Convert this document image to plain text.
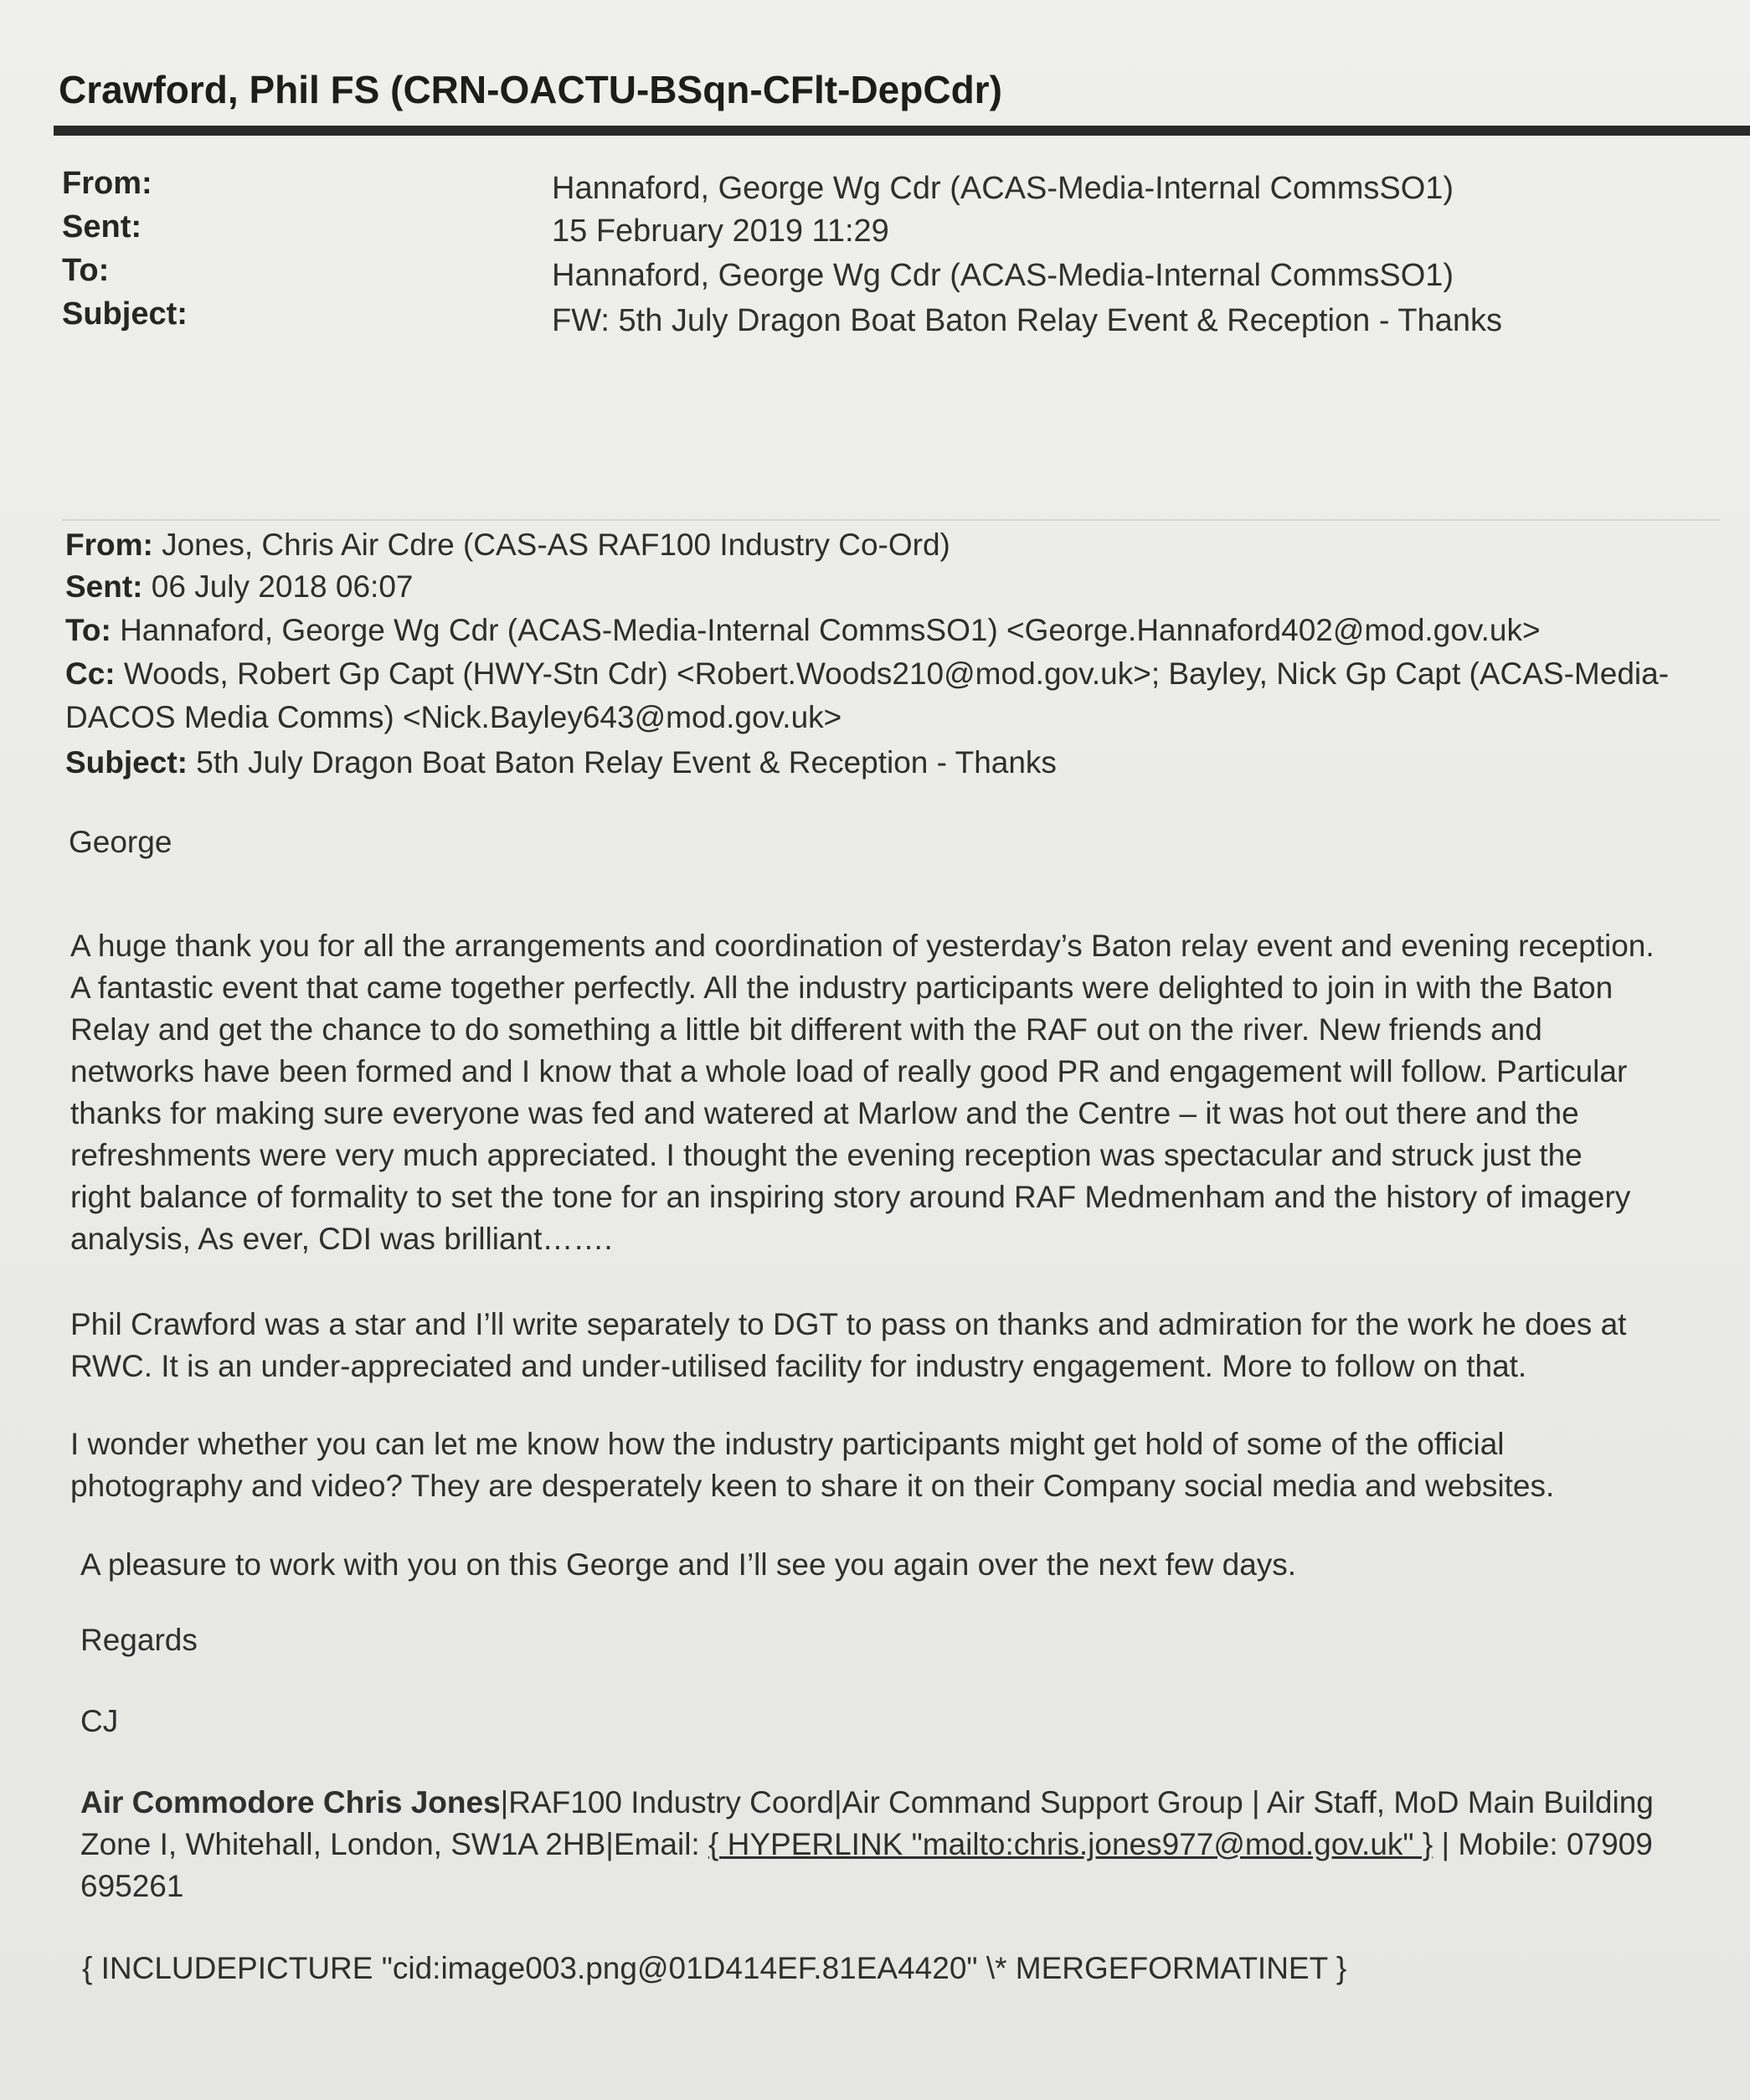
Crawford, Phil FS (CRN-OACTU-BSqn-CFlt-DepCdr)
From:	Hannaford, George Wg Cdr (ACAS-Media-Internal CommsSO1)
Sent:	15 February 2019 11:29
To:	Hannaford, George Wg Cdr (ACAS-Media-Internal CommsSO1)
Subject:	FW: 5th July Dragon Boat Baton Relay Event & Reception - Thanks
From: Jones, Chris Air Cdre (CAS-AS RAF100 Industry Co-Ord)
Sent: 06 July 2018 06:07
To: Hannaford, George Wg Cdr (ACAS-Media-Internal CommsSO1) <George.Hannaford402@mod.gov.uk>
Cc: Woods, Robert Gp Capt (HWY-Stn Cdr) <Robert.Woods210@mod.gov.uk>; Bayley, Nick Gp Capt (ACAS-Media-
DACOS Media Comms) <Nick.Bayley643@mod.gov.uk>
Subject: 5th July Dragon Boat Baton Relay Event & Reception - Thanks
George
A huge thank you for all the arrangements and coordination of yesterday’s Baton relay event and evening reception.
A fantastic event that came together perfectly. All the industry participants were delighted to join in with the Baton
Relay and get the chance to do something a little bit different with the RAF out on the river. New friends and
networks have been formed and I know that a whole load of really good PR and engagement will follow. Particular
thanks for making sure everyone was fed and watered at Marlow and the Centre – it was hot out there and the
refreshments were very much appreciated. I thought the evening reception was spectacular and struck just the
right balance of formality to set the tone for an inspiring story around RAF Medmenham and the history of imagery
analysis, As ever, CDI was brilliant…….
Phil Crawford was a star and I’ll write separately to DGT to pass on thanks and admiration for the work he does at
RWC. It is an under-appreciated and under-utilised facility for industry engagement. More to follow on that.
I wonder whether you can let me know how the industry participants might get hold of some of the official
photography and video? They are desperately keen to share it on their Company social media and websites.
A pleasure to work with you on this George and I’ll see you again over the next few days.
Regards
CJ
Air Commodore Chris Jones|RAF100 Industry Coord|Air Command Support Group | Air Staff, MoD Main Building
Zone I, Whitehall, London, SW1A 2HB|Email: { HYPERLINK "mailto:chris.jones977@mod.gov.uk" } | Mobile: 07909
695261
{ INCLUDEPICTURE "cid:image003.png@01D414EF.81EA4420" \* MERGEFORMATINET }
